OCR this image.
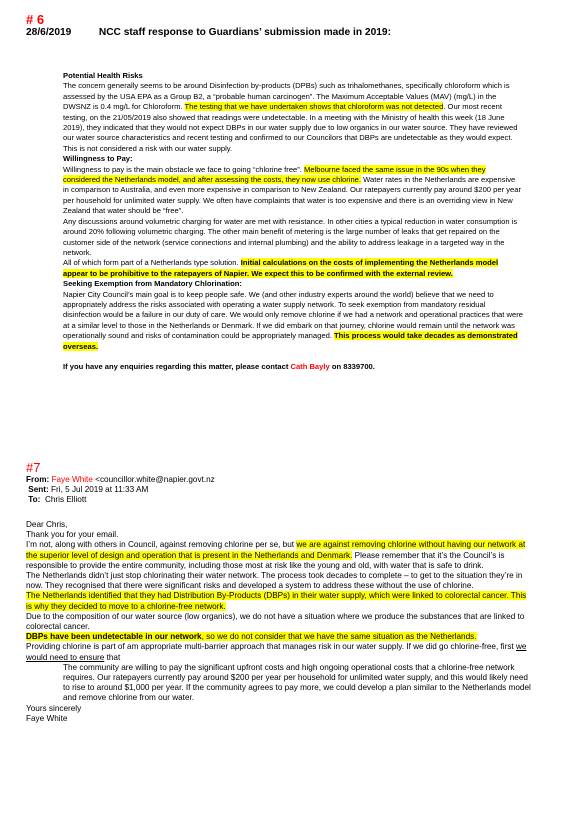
# 6

28/6/2019	NCC staff response to Guardians’ submission made in 2019:

Potential Health Risks

The concern generally seems to be around Disinfection by-products (DPBs) such as trihalomethanes, specifically chloroform which is assessed by the USA EPA as a Group B2, a “probable human carcinogen”. The Maximum Acceptable Values (MAV) (mg/L) in the DWSNZ is 0.4 mg/L for Chloroform. The testing that we have undertaken shows that chloroform was not detected. Our most recent testing, on the 21/05/2019 also showed that readings were undetectable. In a meeting with the Ministry of health this week (18 June 2019), they indicated that they would not expect DBPs in our water supply due to low organics in our water source. They have reviewed our water source characteristics and recent testing and confirmed to our Councilors that DBPs are undetectable as they would expect. This is not considered a risk with our water supply.

Willingness to Pay:

Willingness to pay is the main obstacle we face to going “chlorine free”. Melbourne faced the same issue in the 90s when they considered the Netherlands model, and after assessing the costs, they now use chlorine. Water rates in the Netherlands are expensive in comparison to Australia, and even more expensive in comparison to New Zealand. Our ratepayers currently pay around $200 per year per household for unlimited water supply. We often have complaints that water is too expensive and there is an overriding view in New Zealand that water should be “free”.

Any discussions around volumetric charging for water are met with resistance. In other cities a typical reduction in water consumption is around 20% following volumetric charging. The other main benefit of metering is the large number of leaks that get repaired on the customer side of the network (service connections and internal plumbing) and the ability to address leakage in a targeted way in the network.

All of which form part of a Netherlands type solution. Initial calculations on the costs of implementing the Netherlands model appear to be prohibitive to the ratepayers of Napier. We expect this to be confirmed with the external review.

Seeking Exemption from Mandatory Chlorination:

Napier City Council’s main goal is to keep people safe. We (and other industry experts around the world) believe that we need to appropriately address the risks associated with operating a water supply network. To seek exemption from mandatory residual disinfection would be a failure in our duty of care. We would only remove chlorine if we had a network and operational practices that were at a similar level to those in the Netherlands or Denmark. If we did embark on that journey, chlorine would remain until the network was operationally sound and risks of contamination could be appropriately managed. This process would take decades as demonstrated overseas.

If you have any enquiries regarding this matter, please contact Cath Bayly on 8339700.

#7

From: Faye White <councillor.white@napier.govt.nz
Sent: Fri, 5 Jul 2019 at 11:33 AM
To: Chris Elliott

Dear Chris,

Thank you for your email.

I’m not, along with others in Council, against removing chlorine per se, but we are against removing chlorine without having our network at the superior level of design and operation that is present in the Netherlands and Denmark. Please remember that it’s the Council’s is responsible to provide the entire community, including those most at risk like the young and old, with water that is safe to drink.

The Netherlands didn’t just stop chlorinating their water network. The process took decades to complete – to get to the situation they’re in now. They recognised that there were significant risks and developed a system to address these without the use of chlorine.

The Netherlands identified that they had Distribution By-Products (DBPs) in their water supply, which were linked to colorectal cancer. This is why they decided to move to a chlorine-free network.

Due to the composition of our water source (low organics), we do not have a situation where we produce the substances that are linked to colorectal cancer.

DBPs have been undetectable in our network, so we do not consider that we have the same situation as the Netherlands.

Providing chlorine is part of am appropriate multi-barrier approach that manages risk in our water supply. If we did go chlorine-free, first we would need to ensure that

The community are willing to pay the significant upfront costs and high ongoing operational costs that a chlorine-free network requires. Our ratepayers currently pay around $200 per year per household for unlimited water supply, and this would likely need to rise to around $1,000 per year. If the community agrees to pay more, we could develop a plan similar to the Netherlands model and remove chlorine from our water.

Yours sincerely

Faye White
